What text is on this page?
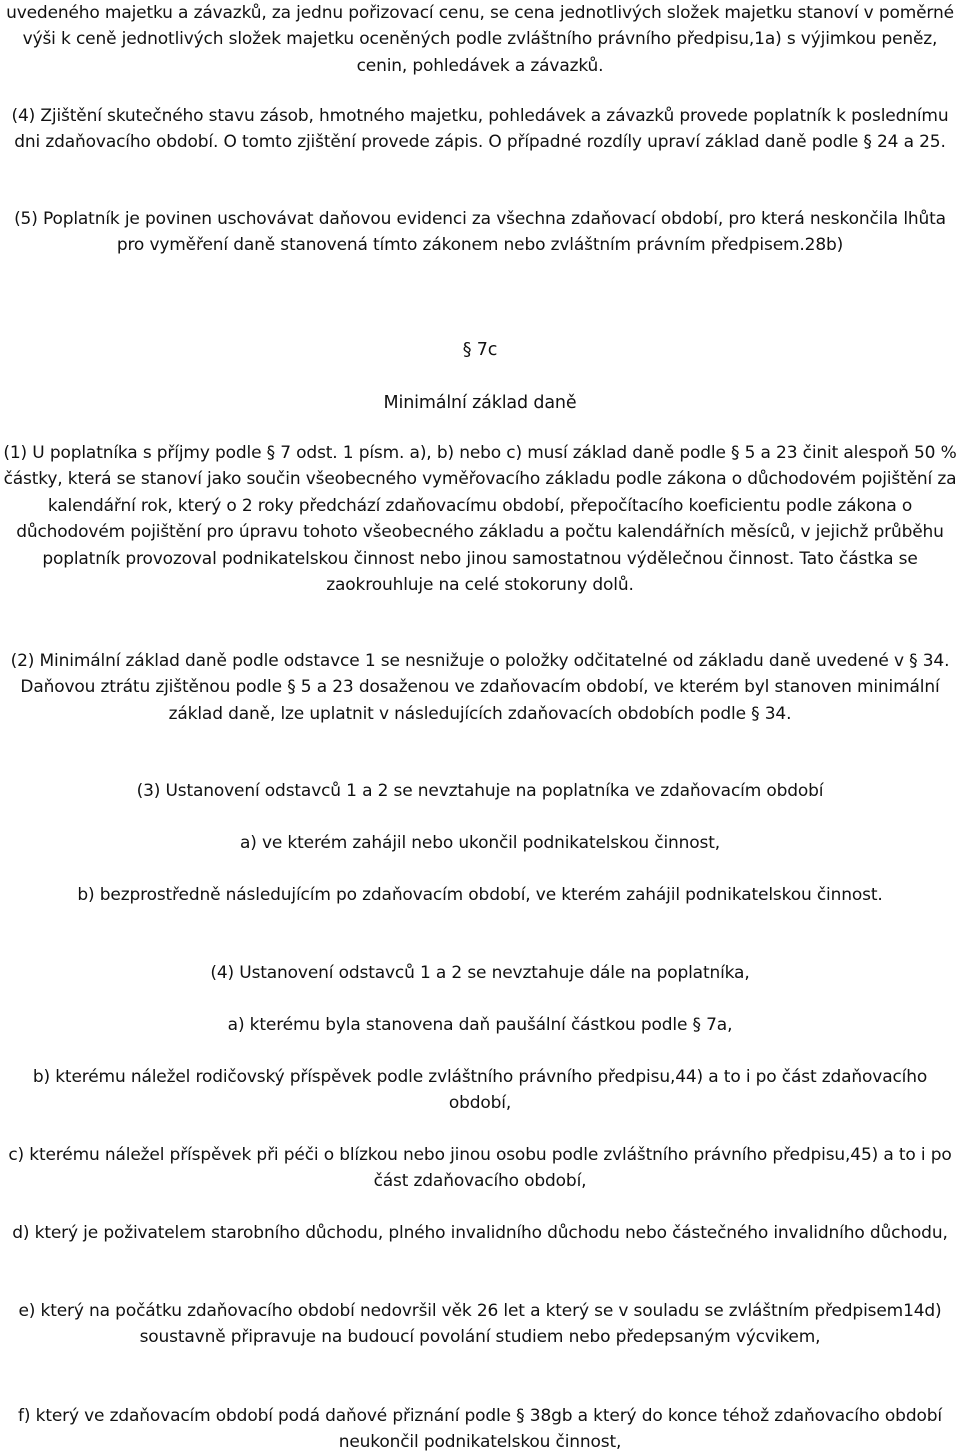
uvedeného majetku a závazků, za jednu pořizovací cenu, se cena jednotlivých složek majetku stanoví v poměrné výši k ceně jednotlivých složek majetku oceněných podle zvláštního právního předpisu,1a) s výjimkou peněz, cenin, pohledávek a závazků.

(4) Zjištění skutečného stavu zásob, hmotného majetku, pohledávek a závazků provede poplatník k poslednímu dni zdaňovacího období. O tomto zjištění provede zápis. O případné rozdíly upraví základ daně podle § 24 a 25.

(5) Poplatník je povinen uschovávat daňovou evidenci za všechna zdaňovací období, pro která neskončila lhůta pro vyměření daně stanovená tímto zákonem nebo zvláštním právním předpisem.28b)

§ 7c

Minimální základ daně

(1) U poplatníka s příjmy podle § 7 odst. 1 písm. a), b) nebo c) musí základ daně podle § 5 a 23 činit alespoň 50 % částky, která se stanoví jako součin všeobecného vyměřovacího základu podle zákona o důchodovém pojištění za kalendářní rok, který o 2 roky předchází zdaňovacímu období, přepočítacího koeficientu podle zákona o důchodovém pojištění pro úpravu tohoto všeobecného základu a počtu kalendářních měsíců, v jejichž průběhu poplatník provozoval podnikatelskou činnost nebo jinou samostatnou výdělečnou činnost. Tato částka se zaokrouhluje na celé stokoruny dolů.

(2) Minimální základ daně podle odstavce 1 se nesnižuje o položky odčitatelné od základu daně uvedené v § 34. Daňovou ztrátu zjištěnou podle § 5 a 23 dosaženou ve zdaňovacím období, ve kterém byl stanoven minimální základ daně, lze uplatnit v následujících zdaňovacích obdobích podle § 34.

(3) Ustanovení odstavců 1 a 2 se nevztahuje na poplatníka ve zdaňovacím období

a) ve kterém zahájil nebo ukončil podnikatelskou činnost,

b) bezprostředně následujícím po zdaňovacím období, ve kterém zahájil podnikatelskou činnost.

(4) Ustanovení odstavců 1 a 2 se nevztahuje dále na poplatníka,

a) kterému byla stanovena daň paušální částkou podle § 7a,

b) kterému náležel rodičovský příspěvek podle zvláštního právního předpisu,44) a to i po část zdaňovacího období,

c) kterému náležel příspěvek při péči o blízkou nebo jinou osobu podle zvláštního právního předpisu,45) a to i po část zdaňovacího období,

d) který je poživatelem starobního důchodu, plného invalidního důchodu nebo částečného invalidního důchodu,

e) který na počátku zdaňovacího období nedovršil věk 26 let a který se v souladu se zvláštním předpisem14d) soustavně připravuje na budoucí povolání studiem nebo předepsaným výcvikem,

f) který ve zdaňovacím období podá daňové přiznání podle § 38gb a který do konce téhož zdaňovacího období neukončil podnikatelskou činnost,
